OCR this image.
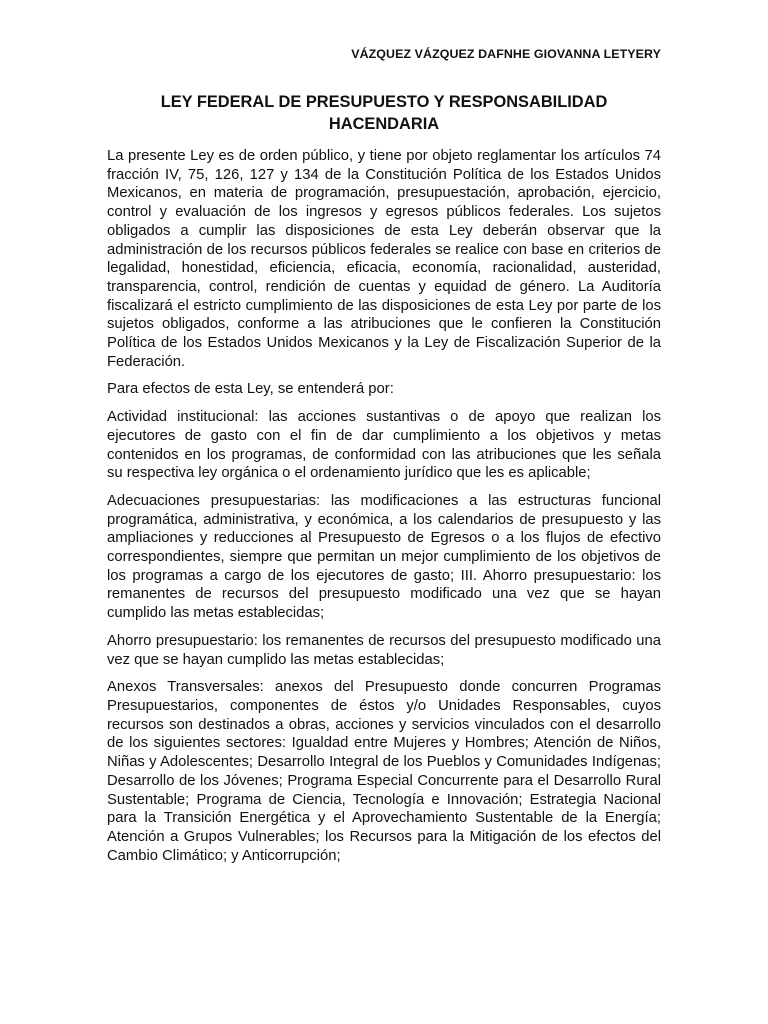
VÁZQUEZ VÁZQUEZ DAFNHE GIOVANNA LETYERY
LEY FEDERAL DE PRESUPUESTO Y RESPONSABILIDAD HACENDARIA

La presente Ley es de orden público, y tiene por objeto reglamentar los artículos 74 fracción IV, 75, 126, 127 y 134 de la Constitución Política de los Estados Unidos Mexicanos, en materia de programación, presupuestación, aprobación, ejercicio, control y evaluación de los ingresos y egresos públicos federales. Los sujetos obligados a cumplir las disposiciones de esta Ley deberán observar que la administración de los recursos públicos federales se realice con base en criterios de legalidad, honestidad, eficiencia, eficacia, economía, racionalidad, austeridad, transparencia, control, rendición de cuentas y equidad de género. La Auditoría fiscalizará el estricto cumplimiento de las disposiciones de esta Ley por parte de los sujetos obligados, conforme a las atribuciones que le confieren la Constitución Política de los Estados Unidos Mexicanos y la Ley de Fiscalización Superior de la Federación.

Para efectos de esta Ley, se entenderá por:

Actividad institucional: las acciones sustantivas o de apoyo que realizan los ejecutores de gasto con el fin de dar cumplimiento a los objetivos y metas contenidos en los programas, de conformidad con las atribuciones que les señala su respectiva ley orgánica o el ordenamiento jurídico que les es aplicable;

Adecuaciones presupuestarias: las modificaciones a las estructuras funcional programática, administrativa, y económica, a los calendarios de presupuesto y las ampliaciones y reducciones al Presupuesto de Egresos o a los flujos de efectivo correspondientes, siempre que permitan un mejor cumplimiento de los objetivos de los programas a cargo de los ejecutores de gasto; III. Ahorro presupuestario: los remanentes de recursos del presupuesto modificado una vez que se hayan cumplido las metas establecidas;

Ahorro presupuestario: los remanentes de recursos del presupuesto modificado una vez que se hayan cumplido las metas establecidas;

Anexos Transversales: anexos del Presupuesto donde concurren Programas Presupuestarios, componentes de éstos y/o Unidades Responsables, cuyos recursos son destinados a obras, acciones y servicios vinculados con el desarrollo de los siguientes sectores: Igualdad entre Mujeres y Hombres; Atención de Niños, Niñas y Adolescentes; Desarrollo Integral de los Pueblos y Comunidades Indígenas; Desarrollo de los Jóvenes; Programa Especial Concurrente para el Desarrollo Rural Sustentable; Programa de Ciencia, Tecnología e Innovación; Estrategia Nacional para la Transición Energética y el Aprovechamiento Sustentable de la Energía; Atención a Grupos Vulnerables; los Recursos para la Mitigación de los efectos del Cambio Climático; y Anticorrupción;
